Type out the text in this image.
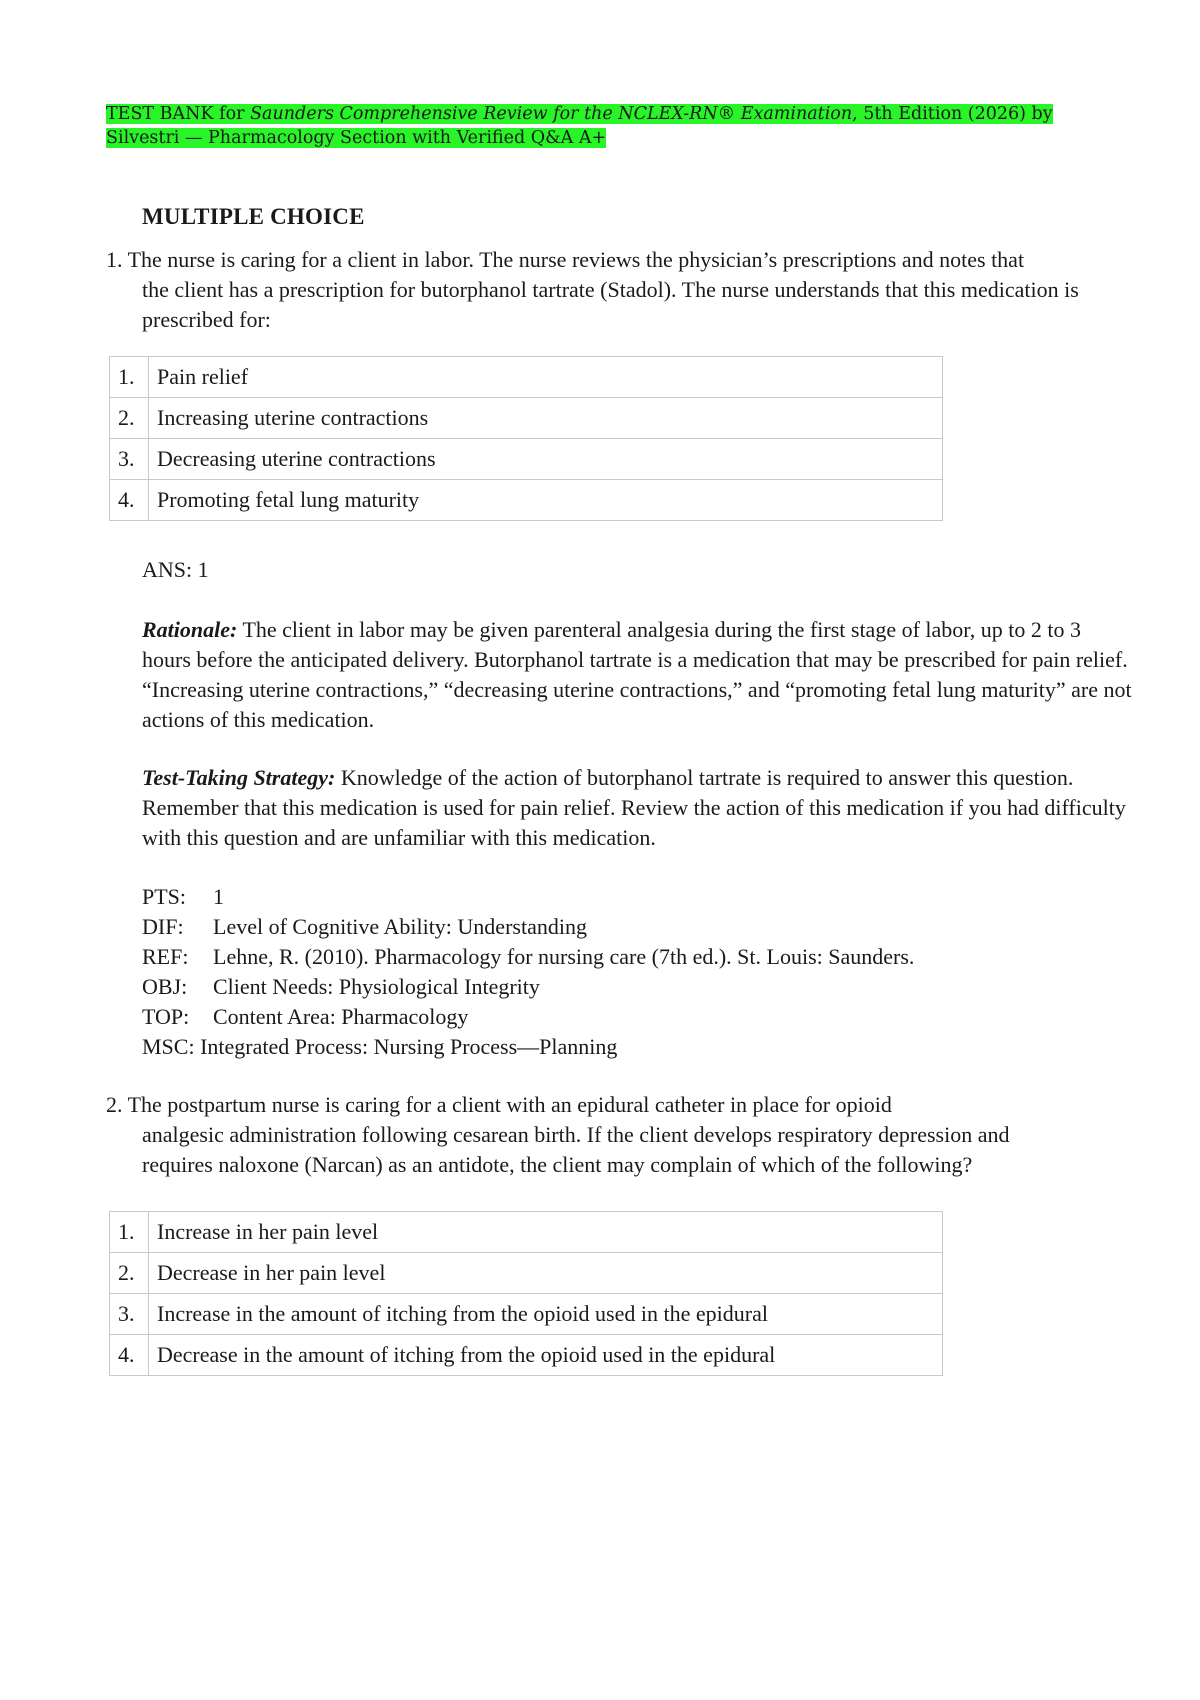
TEST BANK for Saunders Comprehensive Review for the NCLEX-RN® Examination, 5th Edition (2026) by
Silvestri — Pharmacology Section with Verified Q&A A+
MULTIPLE CHOICE
1. The nurse is caring for a client in labor. The nurse reviews the physician’s prescriptions and notes that
the client has a prescription for butorphanol tartrate (Stadol). The nurse understands that this medication is prescribed for:
1.	Pain relief
2.	Increasing uterine contractions
3.	Decreasing uterine contractions
4.	Promoting fetal lung maturity
ANS: 1
Rationale: The client in labor may be given parenteral analgesia during the first stage of labor, up to 2 to 3 hours before the anticipated delivery. Butorphanol tartrate is a medication that may be prescribed for pain relief. “Increasing uterine contractions,” “decreasing uterine contractions,” and “promoting fetal lung maturity” are not actions of this medication.
Test-Taking Strategy: Knowledge of the action of butorphanol tartrate is required to answer this question. Remember that this medication is used for pain relief. Review the action of this medication if you had difficulty with this question and are unfamiliar with this medication.
PTS:	1
DIF:	Level of Cognitive Ability: Understanding
REF:	Lehne, R. (2010). Pharmacology for nursing care (7th ed.). St. Louis: Saunders.
OBJ:	Client Needs: Physiological Integrity
TOP:	Content Area: Pharmacology
MSC: Integrated Process: Nursing Process—Planning
2. The postpartum nurse is caring for a client with an epidural catheter in place for opioid
analgesic administration following cesarean birth. If the client develops respiratory depression and requires naloxone (Narcan) as an antidote, the client may complain of which of the following?
1.	Increase in her pain level
2.	Decrease in her pain level
3.	Increase in the amount of itching from the opioid used in the epidural
4.	Decrease in the amount of itching from the opioid used in the epidural
